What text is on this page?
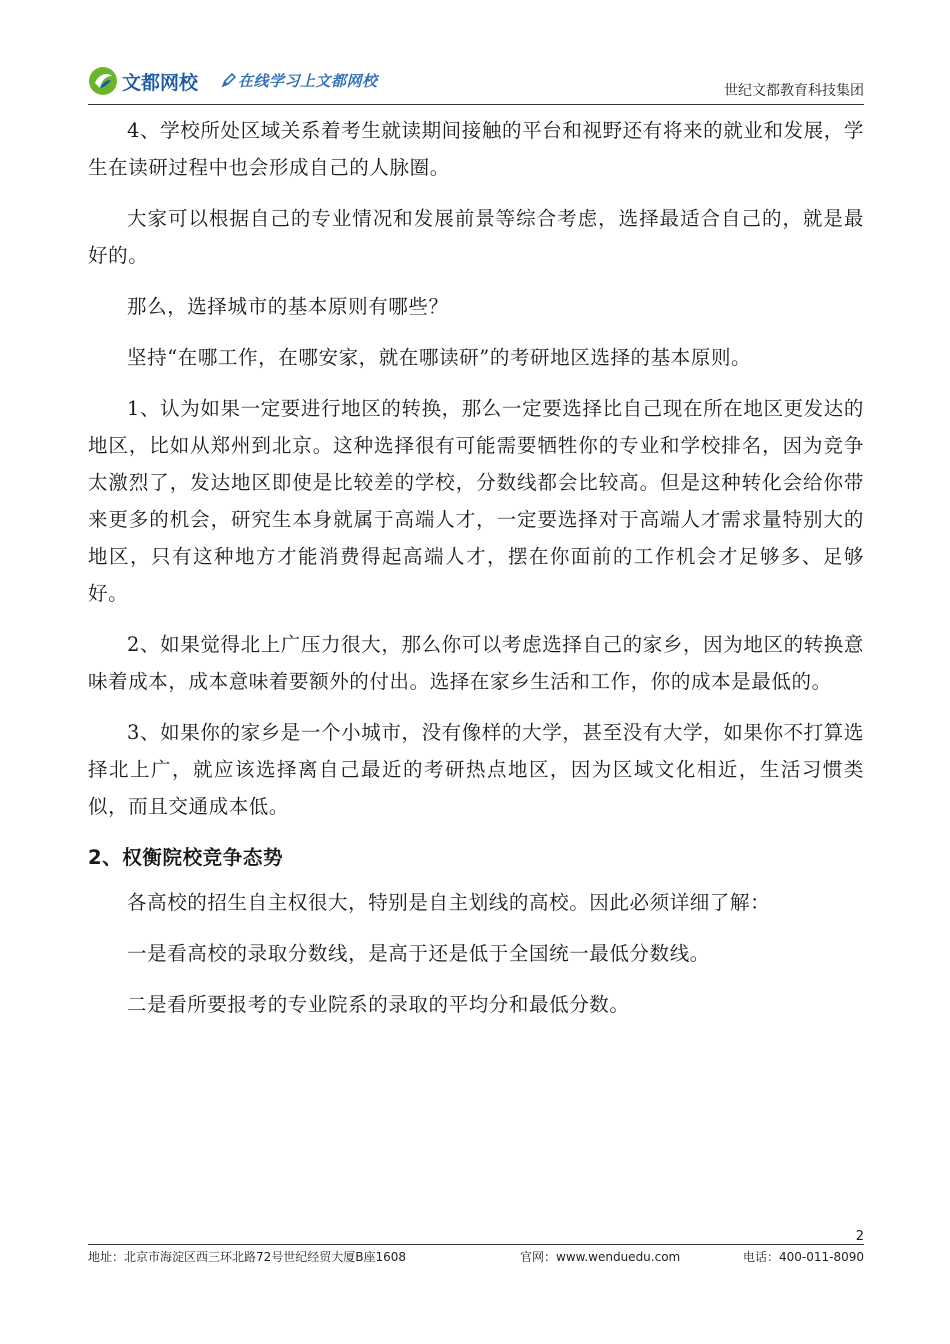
文都网校	在线学习上文都网校
世纪文都教育科技集团

4、学校所处区域关系着考生就读期间接触的平台和视野还有将来的就业和发展，学生在读研过程中也会形成自己的人脉圈。

大家可以根据自己的专业情况和发展前景等综合考虑，选择最适合自己的，就是最好的。

那么，选择城市的基本原则有哪些？

坚持“在哪工作，在哪安家，就在哪读研”的考研地区选择的基本原则。

1、认为如果一定要进行地区的转换，那么一定要选择比自己现在所在地区更发达的地区，比如从郑州到北京。这种选择很有可能需要牺牲你的专业和学校排名，因为竞争太激烈了，发达地区即使是比较差的学校，分数线都会比较高。但是这种转化会给你带来更多的机会，研究生本身就属于高端人才，一定要选择对于高端人才需求量特别大的地区，只有这种地方才能消费得起高端人才，摆在你面前的工作机会才足够多、足够好。

2、如果觉得北上广压力很大，那么你可以考虑选择自己的家乡，因为地区的转换意味着成本，成本意味着要额外的付出。选择在家乡生活和工作，你的成本是最低的。

3、如果你的家乡是一个小城市，没有像样的大学，甚至没有大学，如果你不打算选择北上广，就应该选择离自己最近的考研热点地区，因为区域文化相近，生活习惯类似，而且交通成本低。

2、权衡院校竞争态势

各高校的招生自主权很大，特别是自主划线的高校。因此必须详细了解：

一是看高校的录取分数线，是高于还是低于全国统一最低分数线。

二是看所要报考的专业院系的录取的平均分和最低分数。

2
地址：北京市海淀区西三环北路72号世纪经贸大厦B座1608	官网：www.wenduedu.com	电话：400-011-8090
